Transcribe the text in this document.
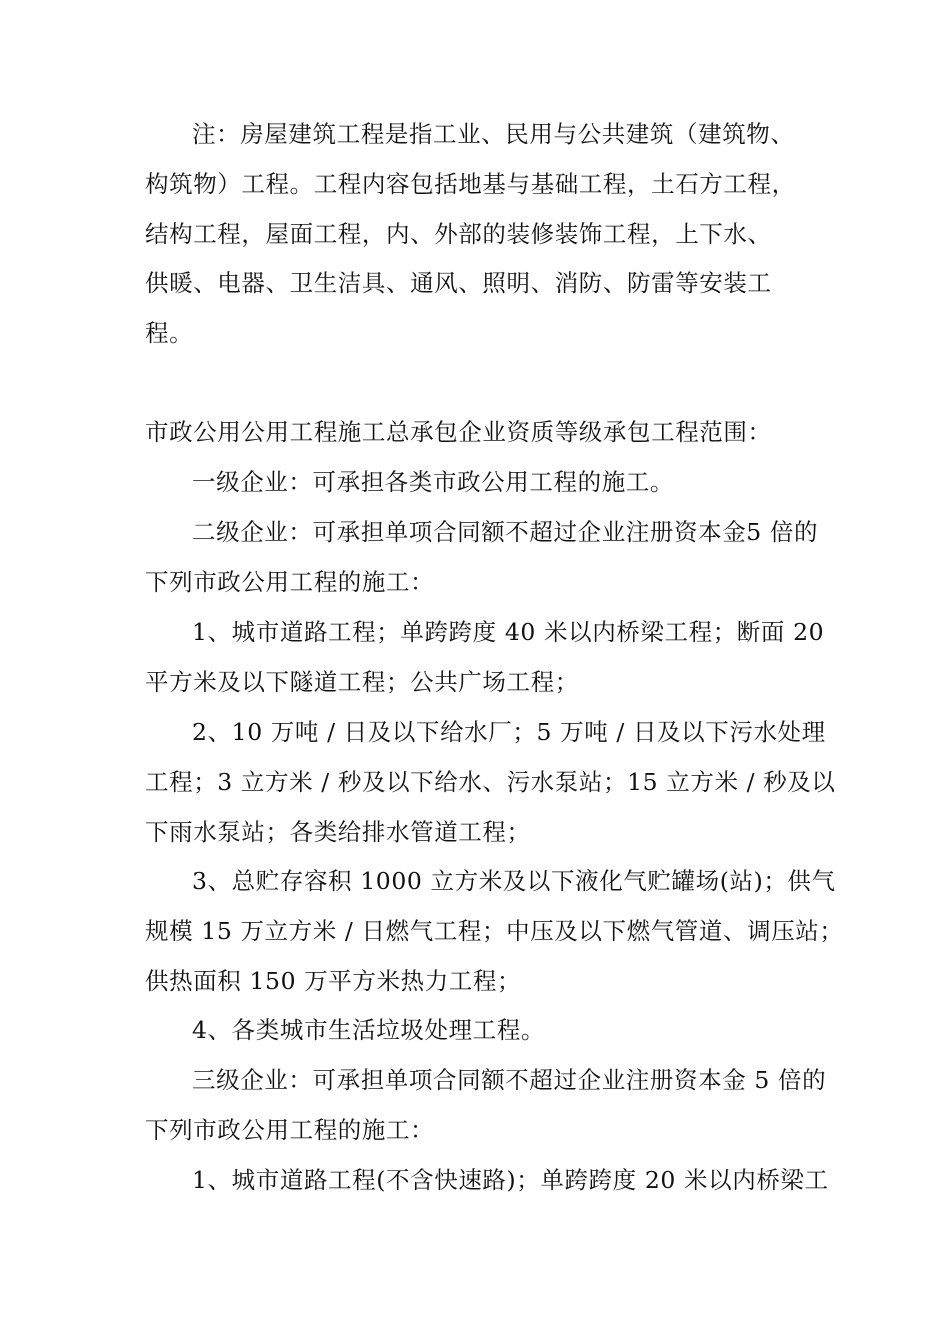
注：房屋建筑工程是指工业、民用与公共建筑（建筑物、
构筑物）工程。工程内容包括地基与基础工程，土石方工程，
结构工程，屋面工程，内、外部的装修装饰工程，上下水、
供暖、电器、卫生洁具、通风、照明、消防、防雷等安装工
程。
市政公用公用工程施工总承包企业资质等级承包工程范围：
一级企业：可承担各类市政公用工程的施工。
二级企业：可承担单项合同额不超过企业注册资本金5 倍的
下列市政公用工程的施工：
1、城市道路工程；单跨跨度 40 米以内桥梁工程；断面 20
平方米及以下隧道工程；公共广场工程；
2、10 万吨 / 日及以下给水厂；5 万吨 / 日及以下污水处理
工程；3 立方米 / 秒及以下给水、污水泵站；15 立方米 / 秒及以
下雨水泵站；各类给排水管道工程；
3、总贮存容积 1000 立方米及以下液化气贮罐场(站)；供气
规模 15 万立方米 / 日燃气工程；中压及以下燃气管道、调压站；
供热面积 150 万平方米热力工程；
4、各类城市生活垃圾处理工程。
三级企业：可承担单项合同额不超过企业注册资本金 5 倍的
下列市政公用工程的施工：
1、城市道路工程(不含快速路)；单跨跨度 20 米以内桥梁工
